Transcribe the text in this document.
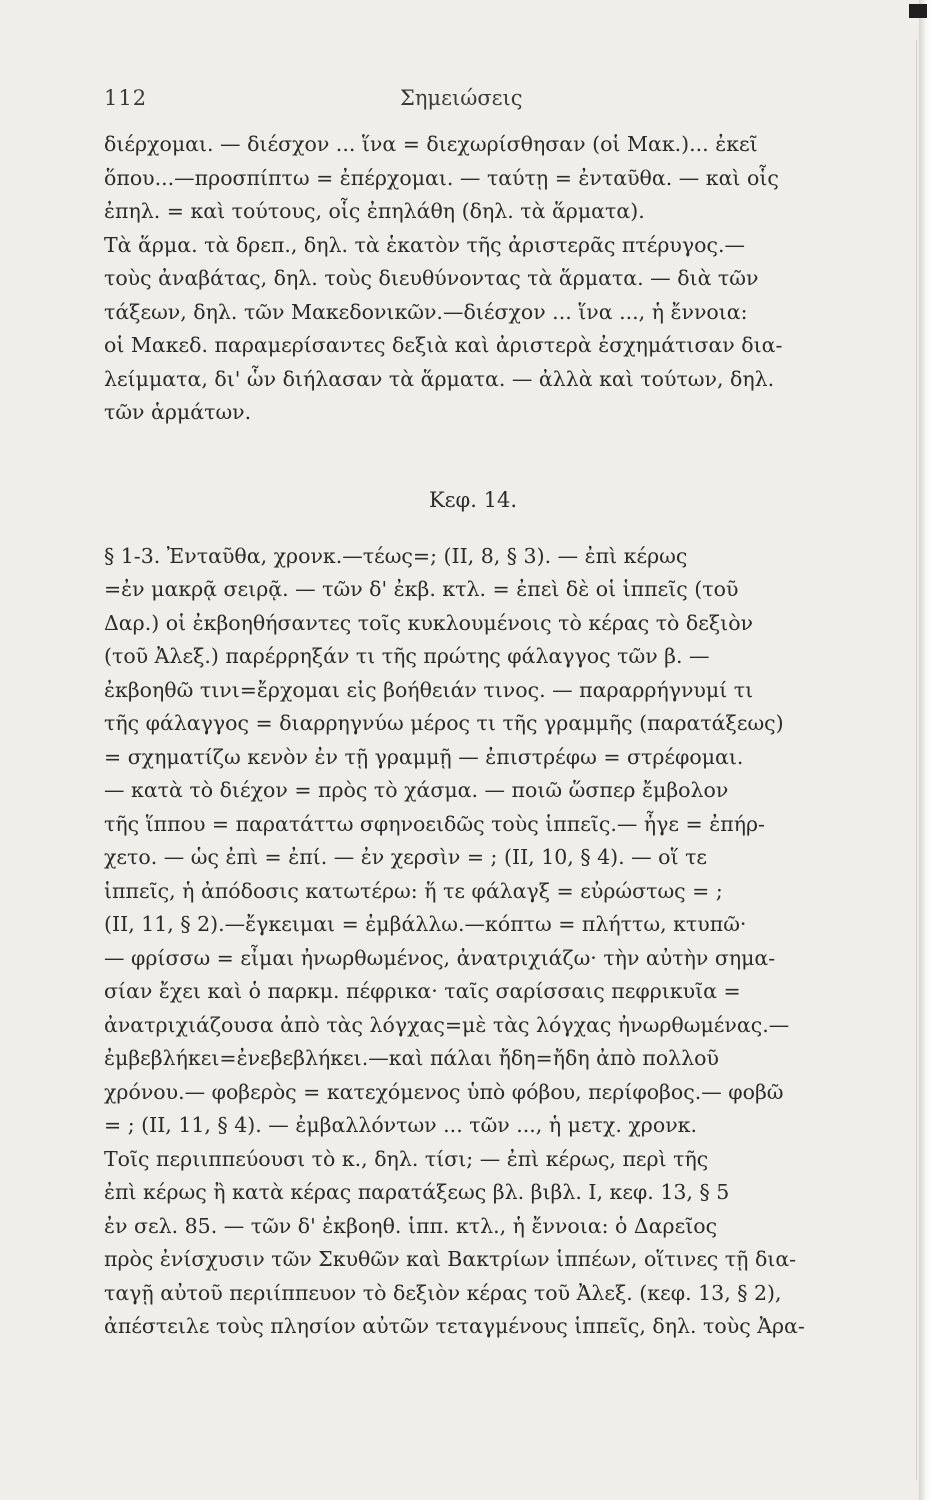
112	Σημειώσεις
διέρχομαι. — διέσχον ... ἵνα = διεχωρίσθησαν (οἱ Μακ.)... ἐκεῖ
ὅπου...—προσπίπτω = ἐπέρχομαι. — ταύτῃ = ἐνταῦθα. — καὶ οἷς
ἐπηλ. = καὶ τούτους, οἷς ἐπηλάθη (δηλ. τὰ ἅρματα).
Τὰ ἅρμα. τὰ δρεπ., δηλ. τὰ ἑκατὸν τῆς ἀριστερᾶς πτέρυγος.—
τοὺς ἀναβάτας, δηλ. τοὺς διευθύνοντας τὰ ἅρματα. — διὰ τῶν
τάξεων, δηλ. τῶν Μακεδονικῶν.—διέσχον ... ἵνα ..., ἡ ἔννοια:
οἱ Μακεδ. παραμερίσαντες δεξιὰ καὶ ἀριστερὰ ἐσχημάτισαν δια-
λείμματα, δι' ὧν διήλασαν τὰ ἅρματα. — ἀλλὰ καὶ τούτων, δηλ.
τῶν ἁρμάτων.
Κεφ. 14.
§ 1-3. Ἐνταῦθα, χρονκ.—τέως=; (ΙΙ, 8, § 3). — ἐπὶ κέρως
=ἐν μακρᾷ σειρᾷ. — τῶν δ' ἐκβ. κτλ. = ἐπεὶ δὲ οἱ ἱππεῖς (τοῦ
Δαρ.) οἱ ἐκβοηθήσαντες τοῖς κυκλουμένοις τὸ κέρας τὸ δεξιὸν
(τοῦ Ἀλεξ.) παρέρρηξάν τι τῆς πρώτης φάλαγγος τῶν β. —
ἐκβοηθῶ τινι=ἔρχομαι εἰς βοήθειάν τινος. — παραρρήγνυμί τι
τῆς φάλαγγος = διαρρηγνύω μέρος τι τῆς γραμμῆς (παρατάξεως)
= σχηματίζω κενὸν ἐν τῇ γραμμῇ — ἐπιστρέφω = στρέφομαι.
— κατὰ τὸ διέχον = πρὸς τὸ χάσμα. — ποιῶ ὥσπερ ἔμβολον
τῆς ἵππου = παρατάττω σφηνοειδῶς τοὺς ἱππεῖς.— ἦγε = ἐπήρ-
χετο. — ὡς ἐπὶ = ἐπί. — ἐν χερσὶν = ; (ΙΙ, 10, § 4). — οἵ τε
ἱππεῖς, ἡ ἀπόδοσις κατωτέρω: ἥ τε φάλαγξ = εὐρώστως = ;
(ΙΙ, 11, § 2).—ἔγκειμαι = ἐμβάλλω.—κόπτω = πλήττω, κτυπῶ·
— φρίσσω = εἶμαι ἠνωρθωμένος, ἀνατριχιάζω· τὴν αὐτὴν σημα-
σίαν ἔχει καὶ ὁ παρκμ. πέφρικα· ταῖς σαρίσσαις πεφρικυῖα =
ἀνατριχιάζουσα ἀπὸ τὰς λόγχας=μὲ τὰς λόγχας ἠνωρθωμένας.—
ἐμβεβλήκει=ἐνεβεβλήκει.—καὶ πάλαι ἤδη=ἤδη ἀπὸ πολλοῦ
χρόνου.— φοβερὸς = κατεχόμενος ὑπὸ φόβου, περίφοβος.— φοβῶ
= ; (ΙΙ, 11, § 4). — ἐμβαλλόντων ... τῶν ..., ἡ μετχ. χρονκ.
Τοῖς περιιππεύουσι τὸ κ., δηλ. τίσι; — ἐπὶ κέρως, περὶ τῆς
ἐπὶ κέρως ἢ κατὰ κέρας παρατάξεως βλ. βιβλ. Ι, κεφ. 13, § 5
ἐν σελ. 85. — τῶν δ' ἐκβοηθ. ἱππ. κτλ., ἡ ἔννοια: ὁ Δαρεῖος
πρὸς ἐνίσχυσιν τῶν Σκυθῶν καὶ Βακτρίων ἱππέων, οἵτινες τῇ δια-
ταγῇ αὐτοῦ περιίππευον τὸ δεξιὸν κέρας τοῦ Ἀλεξ. (κεφ. 13, § 2),
ἀπέστειλε τοὺς πλησίον αὐτῶν τεταγμένους ἱππεῖς, δηλ. τοὺς Ἀρα-
